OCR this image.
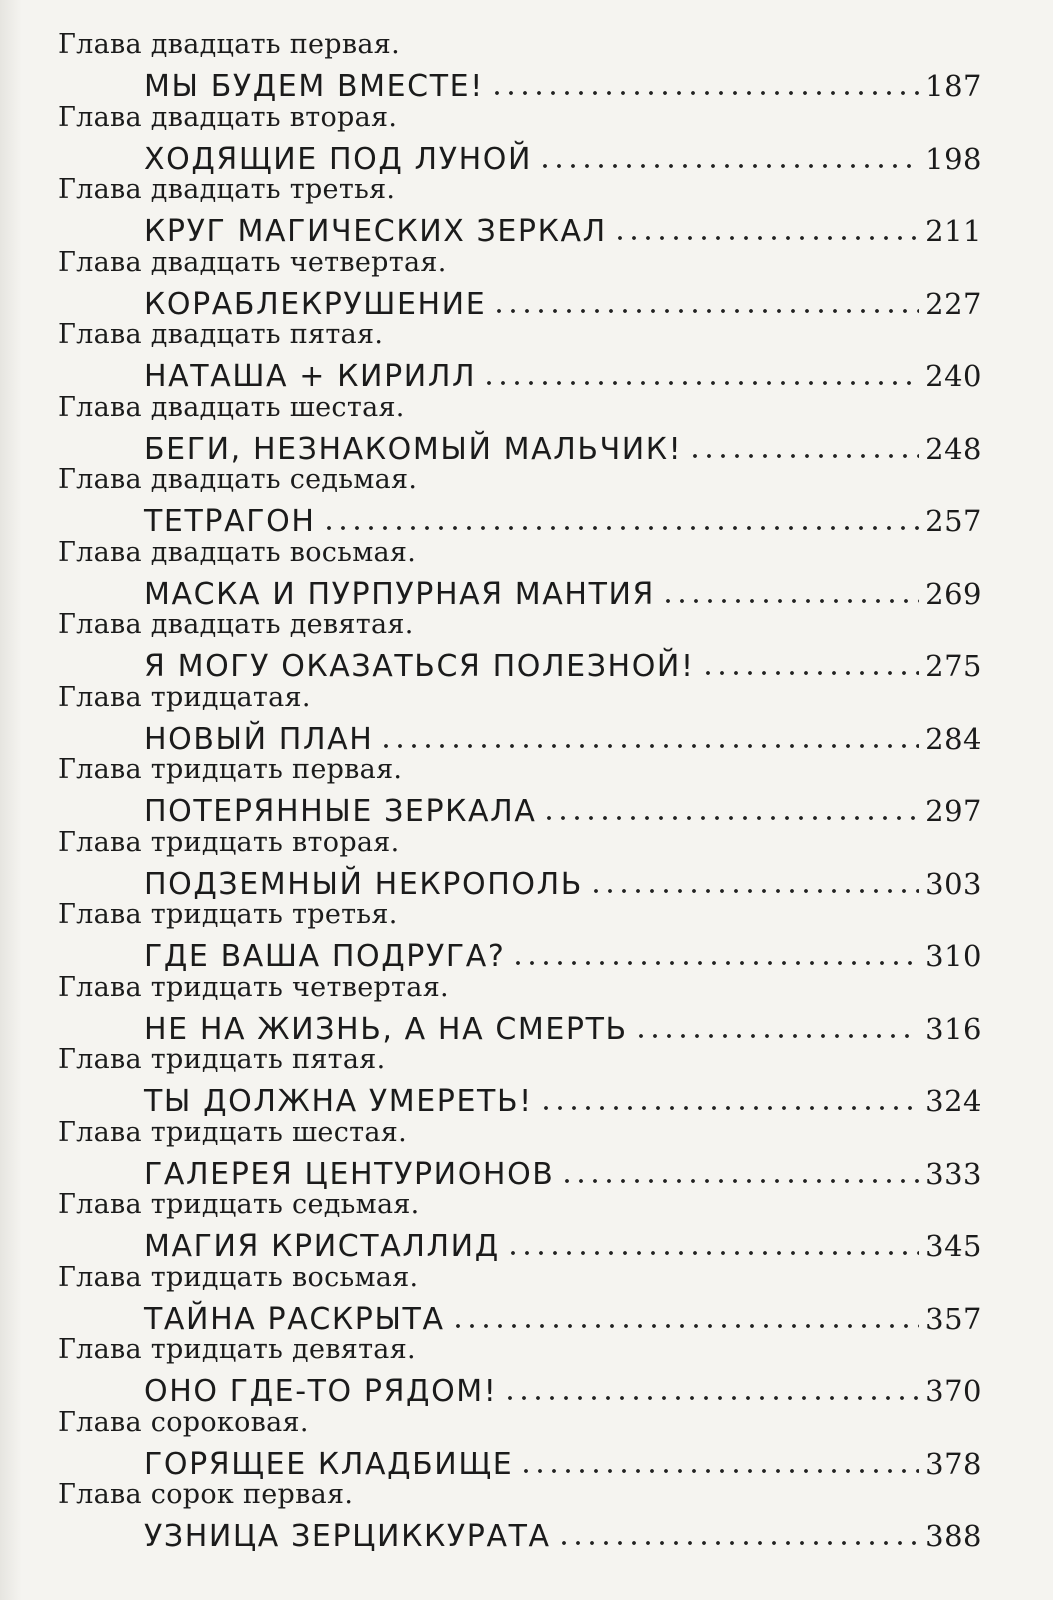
Глава двадцать первая.
МЫ БУДЕМ ВМЕСТЕ!	187
Глава двадцать вторая.
ХОДЯЩИЕ ПОД ЛУНОЙ	198
Глава двадцать третья.
КРУГ МАГИЧЕСКИХ ЗЕРКАЛ	211
Глава двадцать четвертая.
КОРАБЛЕКРУШЕНИЕ	227
Глава двадцать пятая.
НАТАША + КИРИЛЛ	240
Глава двадцать шестая.
БЕГИ, НЕЗНАКОМЫЙ МАЛЬЧИК!	248
Глава двадцать седьмая.
ТЕТРАГОН	257
Глава двадцать восьмая.
МАСКА И ПУРПУРНАЯ МАНТИЯ	269
Глава двадцать девятая.
Я МОГУ ОКАЗАТЬСЯ ПОЛЕЗНОЙ!	275
Глава тридцатая.
НОВЫЙ ПЛАН	284
Глава тридцать первая.
ПОТЕРЯННЫЕ ЗЕРКАЛА	297
Глава тридцать вторая.
ПОДЗЕМНЫЙ НЕКРОПОЛЬ	303
Глава тридцать третья.
ГДЕ ВАША ПОДРУГА?	310
Глава тридцать четвертая.
НЕ НА ЖИЗНЬ, А НА СМЕРТЬ	316
Глава тридцать пятая.
ТЫ ДОЛЖНА УМЕРЕТЬ!	324
Глава тридцать шестая.
ГАЛЕРЕЯ ЦЕНТУРИОНОВ	333
Глава тридцать седьмая.
МАГИЯ КРИСТАЛЛИД	345
Глава тридцать восьмая.
ТАЙНА РАСКРЫТА	357
Глава тридцать девятая.
ОНО ГДЕ-ТО РЯДОМ!	370
Глава сороковая.
ГОРЯЩЕЕ КЛАДБИЩЕ	378
Глава сорок первая.
УЗНИЦА ЗЕРЦИККУРАТА	388
